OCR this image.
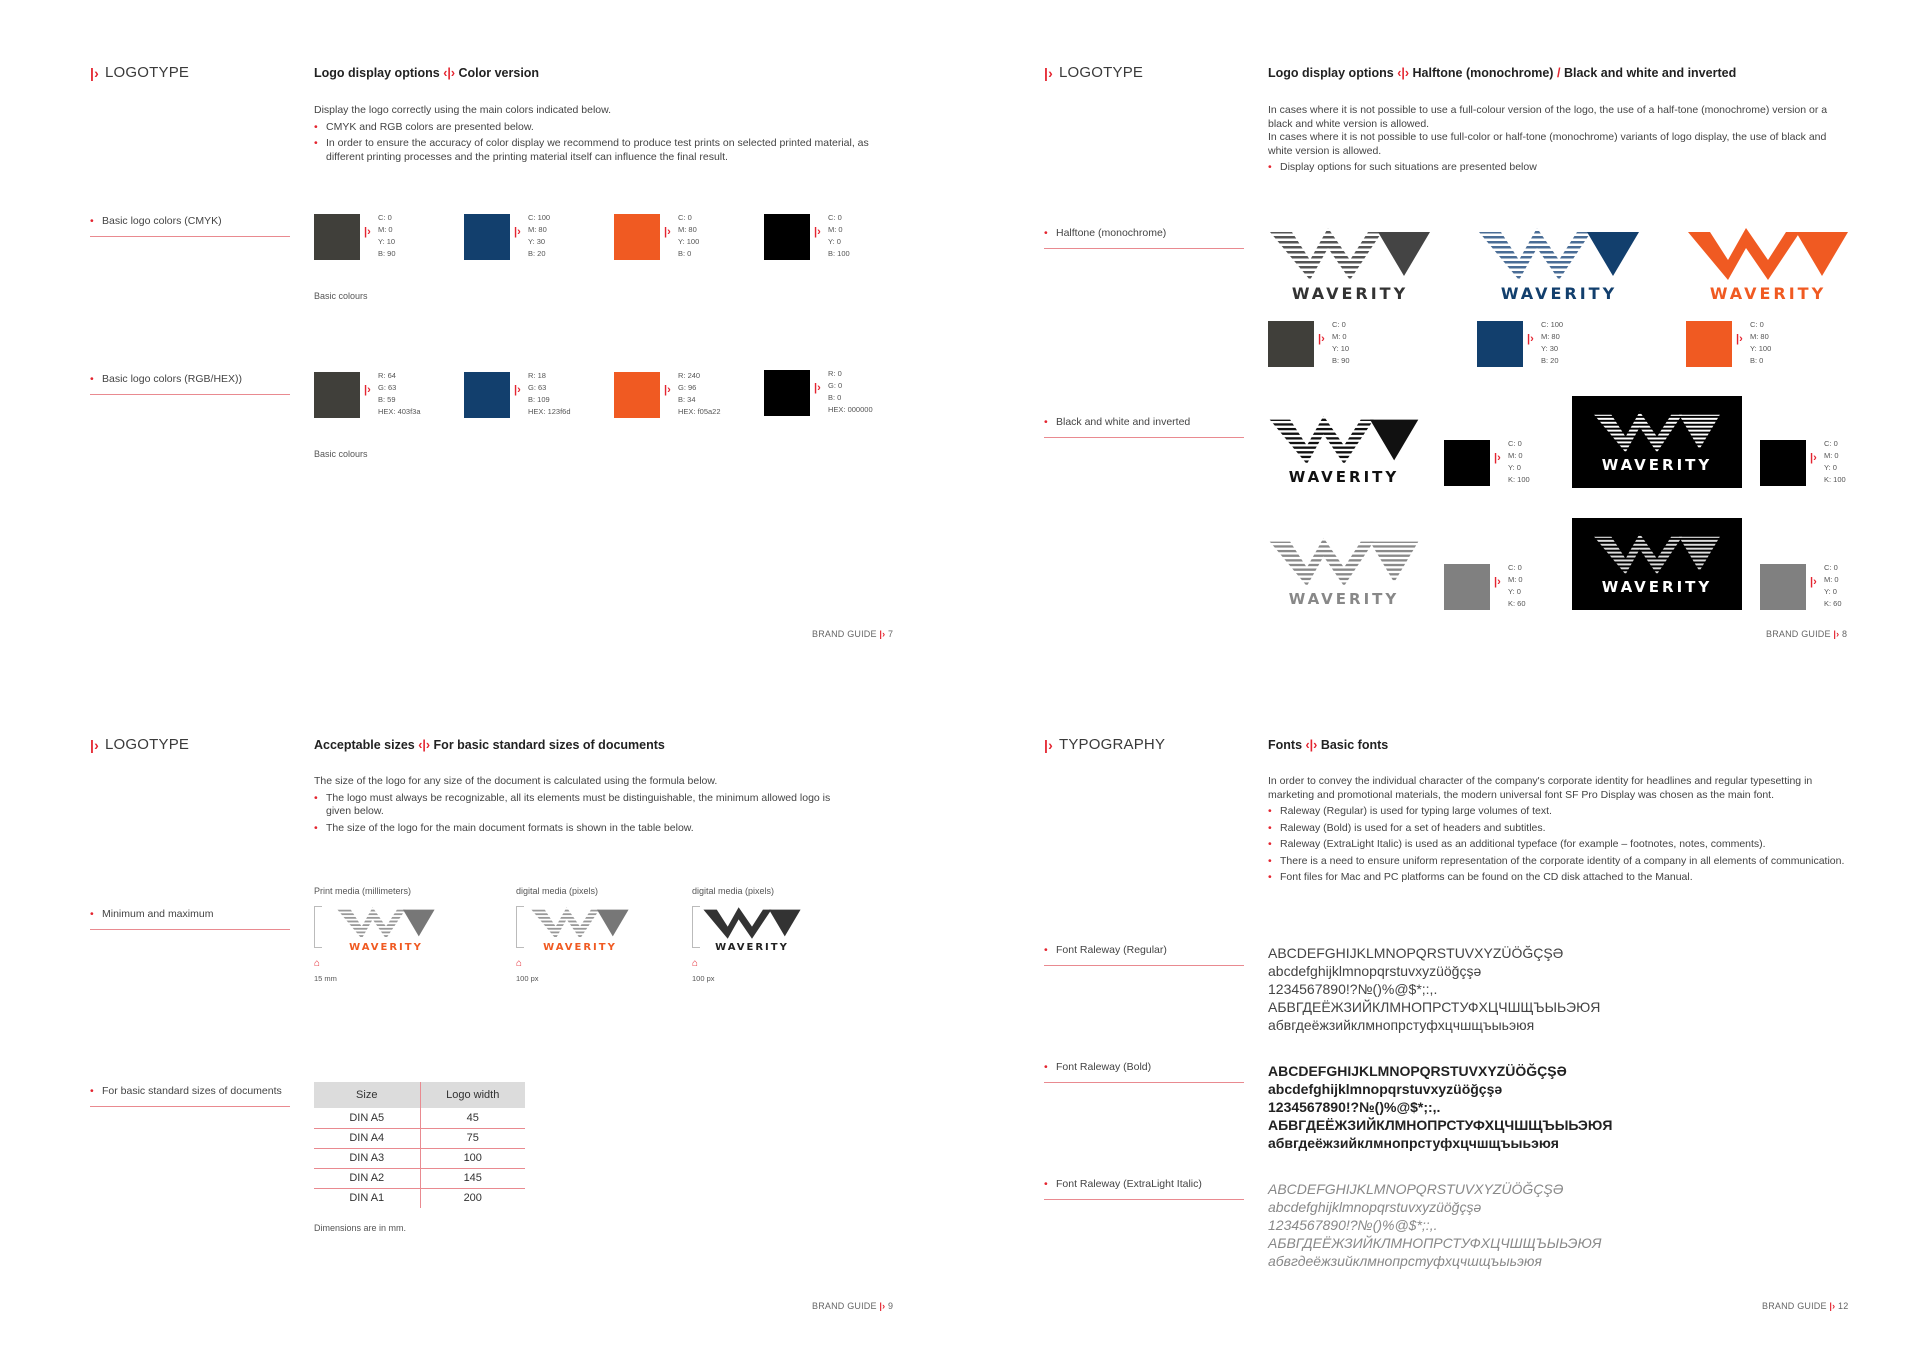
|› LOGOTYPE	Logo display options ‹|› Color version
Display the logo correctly using the main colors indicated below.
• CMYK and RGB colors are presented below.
• In order to ensure the accuracy of color display we recommend to produce test prints on selected printed material, as different printing processes and the printing material itself can influence the final result.
• Basic logo colors (CMYK)
• Basic logo colors (RGB/HEX))
|›
C: 0
M: 0
Y: 10
B: 90
|›
C: 100
M: 80
Y: 30
B: 20
|›
C: 0
M: 80
Y: 100
B: 0
|›
C: 0
M: 0
Y: 0
B: 100
Basic colours
|›
R: 64
G: 63
B: 59
HEX: 403f3a
|›
R: 18
G: 63
B: 109
HEX: 123f6d
|›
R: 240
G: 96
B: 34
HEX: f05a22
|›
R: 0
G: 0
B: 0
HEX: 000000
Basic colours
BRAND GUIDE |› 7
|› LOGOTYPE	Logo display options ‹|› Halftone (monochrome) / Black and white and inverted
In cases where it is not possible to use a full-colour version of the logo, the use of a half-tone (monochrome) version or a black and white version is allowed.
In cases where it is not possible to use full-color or half-tone (monochrome) variants of logo display, the use of black and white version is allowed.
• Display options for such situations are presented below
• Halftone (monochrome)
• Black and white and inverted
WAVERITY	WAVERITY	WAVERITY
|›
C: 0
M: 0
Y: 10
B: 90
|›
C: 100
M: 80
Y: 30
B: 20
|›
C: 0
M: 80
Y: 100
B: 0
WAVERITY
|›
C: 0
M: 0
Y: 0
K: 100
WAVERITY	|›
C: 0
M: 0
Y: 0
K: 100
WAVERITY
|›
C: 0
M: 0
Y: 0
K: 60
WAVERITY	|›
C: 0
M: 0
Y: 0
K: 60
BRAND GUIDE |› 8
|› LOGOTYPE	Acceptable sizes ‹|› For basic standard sizes of documents
The size of the logo for any size of the document is calculated using the formula below.
• The logo must always be recognizable, all its elements must be distinguishable, the minimum allowed logo is given below.
• The size of the logo for the main document formats is shown in the table below.
• Minimum and maximum
• For basic standard sizes of documents
Print media (millimeters)
WAVERITY
⌂
15 mm
digital media (pixels)
WAVERITY
⌂
100 px
digital media (pixels)
WAVERITY
⌂
100 px
Size	Logo width
DIN A5	45
DIN A4	75
DIN A3	100
DIN A2	145
DIN A1	200
Dimensions are in mm.
BRAND GUIDE |› 9
|› TYPOGRAPHY	Fonts ‹|› Basic fonts
In order to convey the individual character of the company's corporate identity for headlines and regular typesetting in marketing and promotional materials, the modern universal font SF Pro Display was chosen as the main font.
• Raleway (Regular) is used for typing large volumes of text.
• Raleway (Bold) is used for a set of headers and subtitles.
• Raleway (ExtraLight Italic) is used as an additional typeface (for example – footnotes, notes, comments).
• There is a need to ensure uniform representation of the corporate identity of a company in all elements of communication.
• Font files for Mac and PC platforms can be found on the CD disk attached to the Manual.
• Font Raleway (Regular)
• Font Raleway (Bold)
• Font Raleway (ExtraLight Italic)
ABCDEFGHIJKLMNOPQRSTUVXYZÜÖĞÇŞƏ
abcdefghijklmnopqrstuvxyzüöğçşə
1234567890!?№()%@$*;:,.
АБВГДЕЁЖЗИЙКЛМНОПРСТУФХЦЧШЩЪЫЬЭЮЯ
абвгдеёжзийклмнопрстуфхцчшщъыьэюя
ABCDEFGHIJKLMNOPQRSTUVXYZÜÖĞÇŞƏ
abcdefghijklmnopqrstuvxyzüöğçşə
1234567890!?№()%@$*;:,.
АБВГДЕЁЖЗИЙКЛМНОПРСТУФХЦЧШЩЪЫЬЭЮЯ
абвгдеёжзийклмнопрстуфхцчшщъыьэюя
ABCDEFGHIJKLMNOPQRSTUVXYZÜÖĞÇŞƏ
abcdefghijklmnopqrstuvxyzüöğçşə
1234567890!?№()%@$*;:,.
АБВГДЕЁЖЗИЙКЛМНОПРСТУФХЦЧШЩЪЫЬЭЮЯ
абвгдеёжзийклмнопрстуфхцчшщъыьэюя
BRAND GUIDE |› 12
